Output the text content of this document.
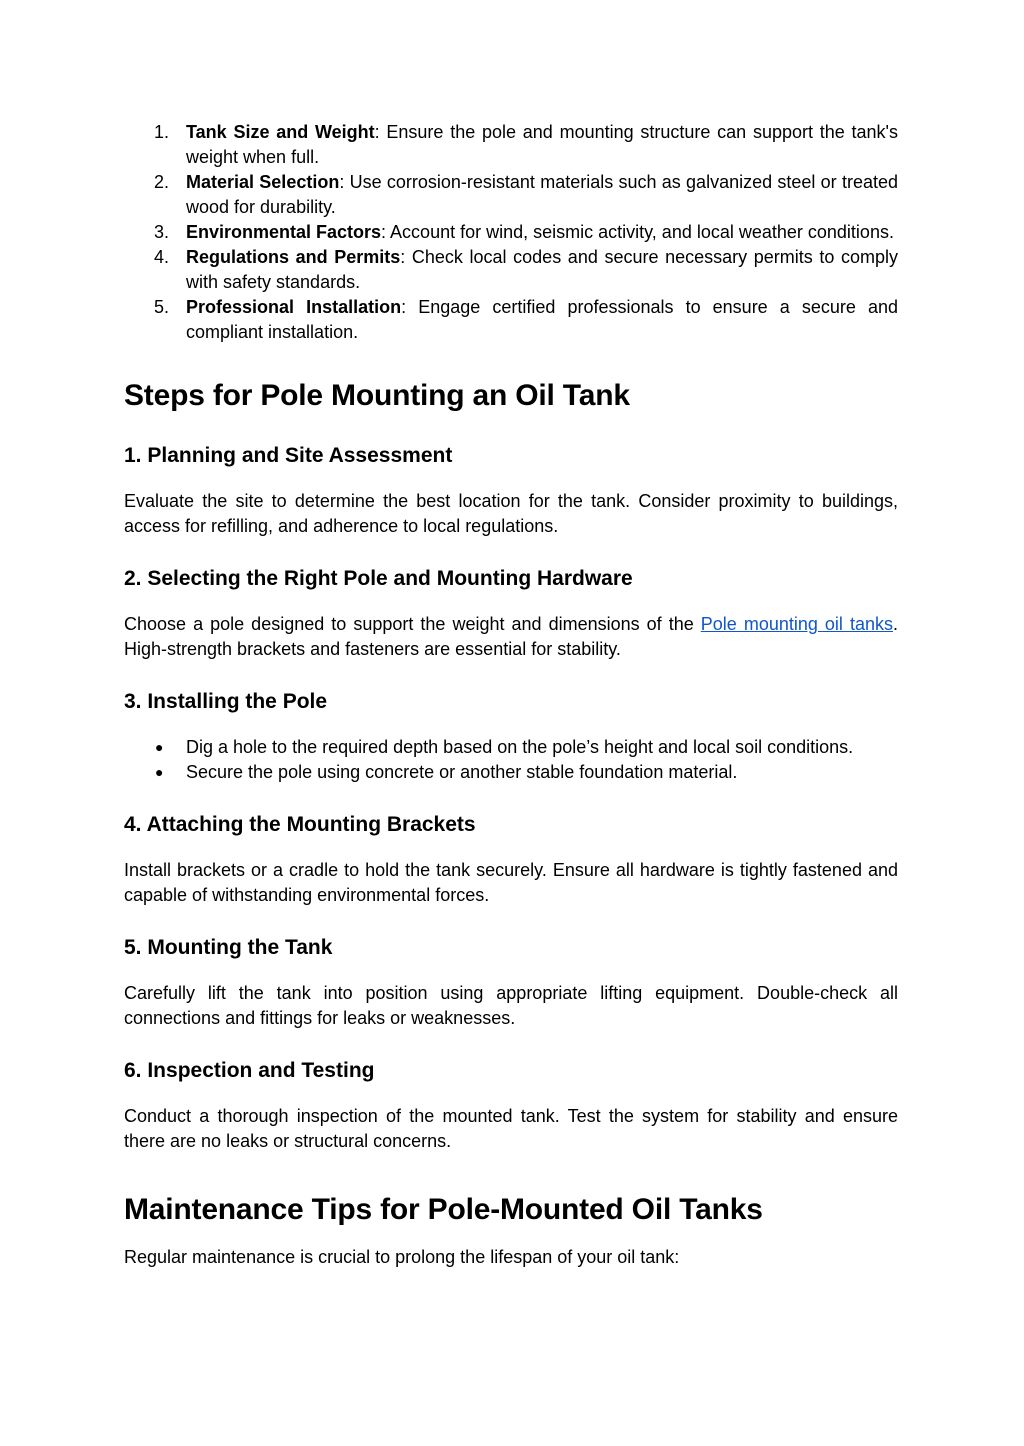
1. Tank Size and Weight: Ensure the pole and mounting structure can support the tank's weight when full.
2. Material Selection: Use corrosion-resistant materials such as galvanized steel or treated wood for durability.
3. Environmental Factors: Account for wind, seismic activity, and local weather conditions.
4. Regulations and Permits: Check local codes and secure necessary permits to comply with safety standards.
5. Professional Installation: Engage certified professionals to ensure a secure and compliant installation.
Steps for Pole Mounting an Oil Tank
1. Planning and Site Assessment

Evaluate the site to determine the best location for the tank. Consider proximity to buildings, access for refilling, and adherence to local regulations.

2. Selecting the Right Pole and Mounting Hardware

Choose a pole designed to support the weight and dimensions of the Pole mounting oil tanks. High-strength brackets and fasteners are essential for stability.

3. Installing the Pole
● Dig a hole to the required depth based on the pole’s height and local soil conditions.
● Secure the pole using concrete or another stable foundation material.
4. Attaching the Mounting Brackets

Install brackets or a cradle to hold the tank securely. Ensure all hardware is tightly fastened and capable of withstanding environmental forces.

5. Mounting the Tank

Carefully lift the tank into position using appropriate lifting equipment. Double-check all connections and fittings for leaks or weaknesses.

6. Inspection and Testing

Conduct a thorough inspection of the mounted tank. Test the system for stability and ensure there are no leaks or structural concerns.

Maintenance Tips for Pole-Mounted Oil Tanks

Regular maintenance is crucial to prolong the lifespan of your oil tank:
